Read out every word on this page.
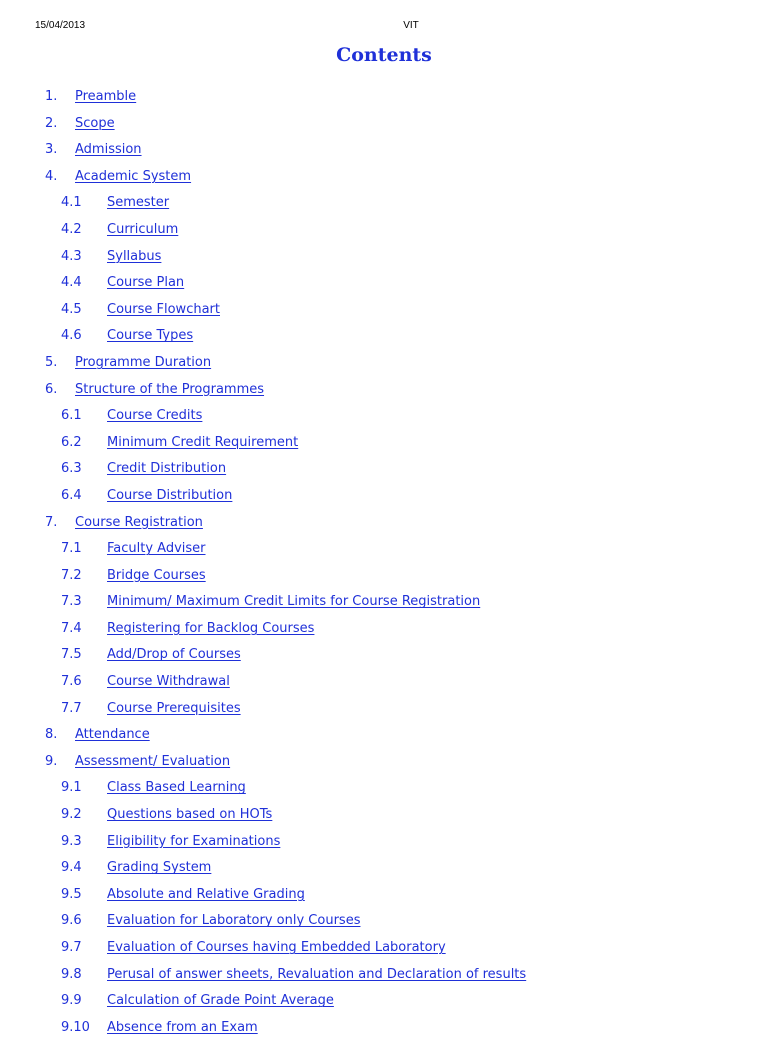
15/04/2013	VIT
Contents
1. Preamble
2. Scope
3. Admission
4. Academic System
4.1 Semester
4.2 Curriculum
4.3 Syllabus
4.4 Course Plan
4.5 Course Flowchart
4.6 Course Types
5. Programme Duration
6. Structure of the Programmes
6.1 Course Credits
6.2 Minimum Credit Requirement
6.3 Credit Distribution
6.4 Course Distribution
7. Course Registration
7.1 Faculty Adviser
7.2 Bridge Courses
7.3 Minimum/ Maximum Credit Limits for Course Registration
7.4 Registering for Backlog Courses
7.5 Add/Drop of Courses
7.6 Course Withdrawal
7.7 Course Prerequisites
8. Attendance
9. Assessment/ Evaluation
9.1 Class Based Learning
9.2 Questions based on HOTs
9.3 Eligibility for Examinations
9.4 Grading System
9.5 Absolute and Relative Grading
9.6 Evaluation for Laboratory only Courses
9.7 Evaluation of Courses having Embedded Laboratory
9.8 Perusal of answer sheets, Revaluation and Declaration of results
9.9 Calculation of Grade Point Average
9.10 Absence from an Exam
